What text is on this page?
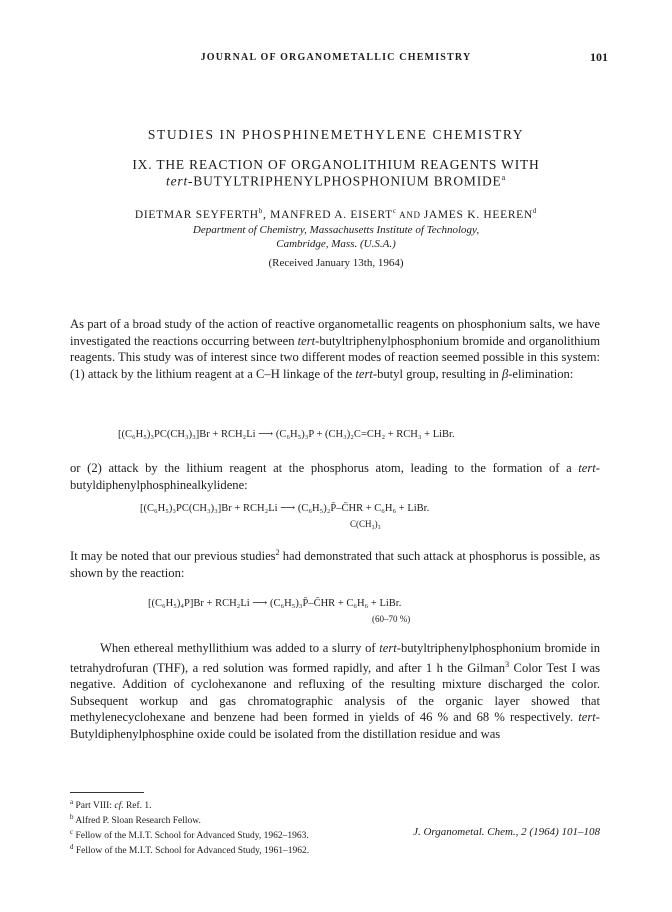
JOURNAL OF ORGANOMETALLIC CHEMISTRY	101
STUDIES IN PHOSPHINEMETHYLENE CHEMISTRY
IX. THE REACTION OF ORGANOLITHIUM REAGENTS WITH
tert-BUTYLTRIPHENYLPHOSPHONIUM BROMIDE$^a$
DIETMAR SEYFERTH$^b$, MANFRED A. EISERT$^c$ AND JAMES K. HEEREN$^d$
Department of Chemistry, Massachusetts Institute of Technology,
Cambridge, Mass. (U.S.A.)
(Received January 13th, 1964)

As part of a broad study of the action of reactive organometallic reagents on phosphonium salts, we have investigated the reactions occurring between tert-butyltriphenylphosphonium bromide and organolithium reagents. This study was of interest since two different modes of reaction seemed possible in this system: (1) attack by the lithium reagent at a C–H linkage of the tert-butyl group, resulting in β-elimination:

[(C₆H₅)₃PC(CH₃)₃]Br + RCH₂Li ⟶ (C₆H₅)₃P + (CH₃)₂C=CH₂ + RCH₃ + LiBr.

or (2) attack by the lithium reagent at the phosphorus atom, leading to the formation of a tert-butyldiphenylphosphinealkylidene:

[(C₆H₅)₃PC(CH₃)₃]Br + RCH₂Li ⟶ (C₆H₅)₂P̄–C̄HR + C₆H₆ + LiBr.
C(CH₃)₃

It may be noted that our previous studies$^2$ had demonstrated that such attack at phosphorus is possible, as shown by the reaction:

[(C₆H₅)₄P]Br + RCH₂Li ⟶ (C₆H₅)₃P̄–C̄HR + C₆H₆ + LiBr.
(60–70 %)

When ethereal methyllithium was added to a slurry of tert-butyltriphenylphosphonium bromide in tetrahydrofuran (THF), a red solution was formed rapidly, and after 1 h the Gilman$^3$ Color Test I was negative. Addition of cyclohexanone and refluxing of the resulting mixture discharged the color. Subsequent workup and gas chromatographic analysis of the organic layer showed that methylenecyclohexane and benzene had been formed in yields of 46 % and 68 % respectively. tert-Butyldiphenylphosphine oxide could be isolated from the distillation residue and was

$^a$ Part VIII: cf. Ref. 1.
$^b$ Alfred P. Sloan Research Fellow.
$^c$ Fellow of the M.I.T. School for Advanced Study, 1962–1963.
$^d$ Fellow of the M.I.T. School for Advanced Study, 1961–1962.
J. Organometal. Chem., 2 (1964) 101–108
